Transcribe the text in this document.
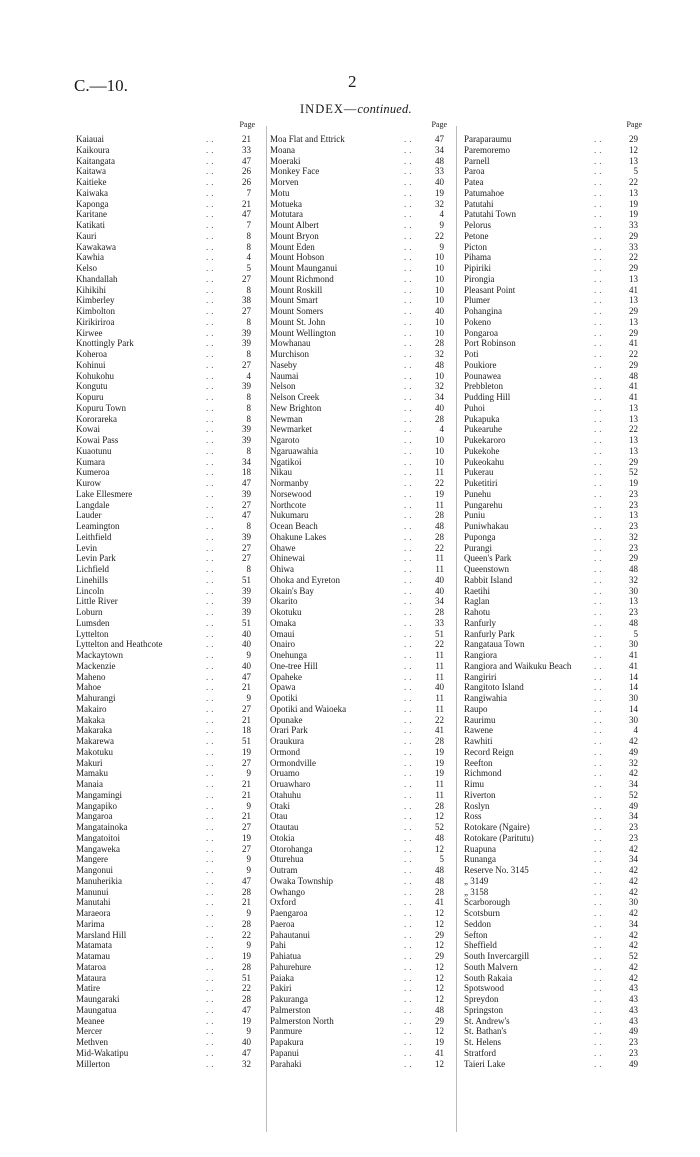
C.—10.	2
INDEX—continued.
Page
Kaiauai	..	21
Kaikoura	..	33
Kaitangata	..	47
Kaitawa	..	26
Kaitieke	..	26
Kaiwaka	..	7
Kaponga	..	21
Karitane	..	47
Katikati	..	7
Kauri	..	8
Kawakawa	..	8
Kawhia	..	4
Kelso	..	5
Khandallah	..	27
Kihikihi	..	8
Kimberley	..	38
Kimbolton	..	27
Kirikiriroa	..	8
Kirwee	..	39
Knottingly Park	..	39
Koheroa	..	8
Kohinui	..	27
Kohukohu	..	4
Kongutu	..	39
Kopuru	..	8
Kopuru Town	..	8
Kororareka	..	8
Kowai	..	39
Kowai Pass	..	39
Kuaotunu	..	8
Kumara	..	34
Kumeroa	..	18
Kurow	..	47
Lake Ellesmere	..	39
Langdale	..	27
Lauder	..	47
Leamington	..	8
Leithfield	..	39
Levin	..	27
Levin Park	..	27
Lichfield	..	8
Linehills	..	51
Lincoln	..	39
Little River	..	39
Loburn	..	39
Lumsden	..	51
Lyttelton	..	40
Lyttelton and Heathcote	..	40
Mackaytown	..	9
Mackenzie	..	40
Maheno	..	47
Mahoe	..	21
Mahurangi	..	9
Makairo	..	27
Makaka	..	21
Makaraka	..	18
Makarewa	..	51
Makotuku	..	19
Makuri	..	27
Mamaku	..	9
Manaia	..	21
Mangamingi	..	21
Mangapiko	..	9
Mangaroa	..	21
Mangatainoka	..	27
Mangatoitoi	..	19
Mangaweka	..	27
Mangere	..	9
Mangonui	..	9
Manuherikia	..	47
Manunui	..	28
Manutahi	..	21
Maraeora	..	9
Marima	..	28
Marsland Hill	..	22
Matamata	..	9
Matamau	..	19
Mataroa	..	28
Mataura	..	51
Matire	..	22
Maungaraki	..	28
Maungatua	..	47
Meanee	..	19
Mercer	..	9
Methven	..	40
Mid-Wakatipu	..	47
Millerton	..	32
Page
Moa Flat and Ettrick	.. 47
Moana	.. 34
Moeraki	.. 48
Monkey Face	.. 33
Morven	.. 40
Motu	.. 19
Motueka	.. 32
Motutara	..	4
Mount Albert	..	9
Mount Bryon	.. 22
Mount Eden	..	9
Mount Hobson	.. 10
Mount Maunganui	.. 10
Mount Richmond	.. 10
Mount Roskill	.. 10
Mount Smart	.. 10
Mount Somers	.. 40
Mount St. John	.. 10
Mount Wellington	.. 10
Mowhanau	.. 28
Murchison	.. 32
Naseby	.. 48
Naumai	.. 10
Nelson	.. 32
Nelson Creek	.. 34
New Brighton	.. 40
Newman	.. 28
Newmarket	..	4
Ngaroto	.. 10
Ngaruawahia	.. 10
Ngatikoi	.. 10
Nikau	.. 11
Normanby	.. 22
Norsewood	.. 19
Northcote	.. 11
Nukumaru	.. 28
Ocean Beach	.. 48
Ohakune Lakes	.. 28
Ohawe	.. 22
Ohinewai	.. 11
Ohiwa	.. 11
Ohoka and Eyreton	.. 40
Okain's Bay	.. 40
Okarito	.. 34
Okotuku	.. 28
Omaka	.. 33
Omaui	.. 51
Onairo	.. 22
Onehunga	.. 11
One-tree Hill	.. 11
Opaheke	.. 11
Opawa	.. 40
Opotiki	.. 11
Opotiki and Waioeka	.. 11
Opunake	.. 22
Orari Park	.. 41
Oraukura	.. 28
Ormond	.. 19
Ormondville	.. 19
Oruamo	.. 19
Oruawharo	.. 11
Otahuhu	.. 11
Otaki	.. 28
Otau	.. 12
Otautau	.. 52
Otokia	.. 48
Otorohanga	.. 12
Oturehua	..	5
Outram	.. 48
Owaka Township	.. 48
Owhango	.. 28
Oxford	.. 41
Paengaroa	.. 12
Paeroa	.. 12
Pahautanui	.. 29
Pahi	.. 12
Pahiatua	.. 29
Pahurehure	.. 12
Paiaka	.. 12
Pakiri	.. 12
Pakuranga	.. 12
Palmerston	.. 48
Palmerston North	.. 29
Panmure	.. 12
Papakura	.. 19
Papanui	.. 41
Parahaki	.. 12
Page
Paraparaumu	..	29
Paremoremo	..	12
Parnell	..	13
Paroa	..	5
Patea	..	22
Patumahoe	..	13
Patutahi	..	19
Patutahi Town	..	19
Pelorus	..	33
Petone	..	29
Picton	..	33
Pihama	..	22
Pipiriki	..	29
Pirongia	..	13
Pleasant Point	..	41
Plumer	..	13
Pohangina	..	29
Pokeno	..	13
Pongaroa	..	29
Port Robinson	..	41
Poti	..	22
Poukiore	..	29
Pounawea	..	48
Prebbleton	..	41
Pudding Hill	..	41
Puhoi	..	13
Pukapuka	..	13
Pukearuhe	..	22
Pukekaroro	..	13
Pukekohe	..	13
Pukeokahu	..	29
Pukerau	..	52
Puketitiri	..	19
Punehu	..	23
Pungarehu	..	23
Puniu	..	13
Puniwhakau	..	23
Puponga	..	32
Purangi	..	23
Queen's Park	..	29
Queenstown	..	48
Rabbit Island	..	32
Raetihi	..	30
Raglan	..	13
Rahotu	..	23
Ranfurly	..	48
Ranfurly Park	..	5
Rangataua Town	..	30
Rangiora	..	41
Rangiora and Waikuku Beach	..	41
Rangiriri	..	14
Rangitoto Island	..	14
Rangiwahia	..	30
Raupo	..	14
Raurimu	..	30
Rawene	..	4
Rawhiti	..	42
Record Reign	..	49
Reefton	..	32
Richmond	..	42
Rimu	..	34
Riverton	..	52
Roslyn	..	49
Ross	..	34
Rotokare (Ngaire)	..	23
Rotokare (Paritutu)	..	23
Ruapuna	..	42
Runanga	..	34
Reserve No. 3145	..	42
„ 3149	..	42
„ 3158	..	42
Scarborough	..	30
Scotsburn	..	42
Seddon	..	34
Sefton	..	42
Sheffield	..	42
South Invercargill	..	52
South Malvern	..	42
South Rakaia	..	42
Spotswood	..	43
Spreydon	..	43
Springston	..	43
St. Andrew's	..	43
St. Bathan's	..	49
St. Helens	..	23
Stratford	..	23
Taieri Lake	..	49
